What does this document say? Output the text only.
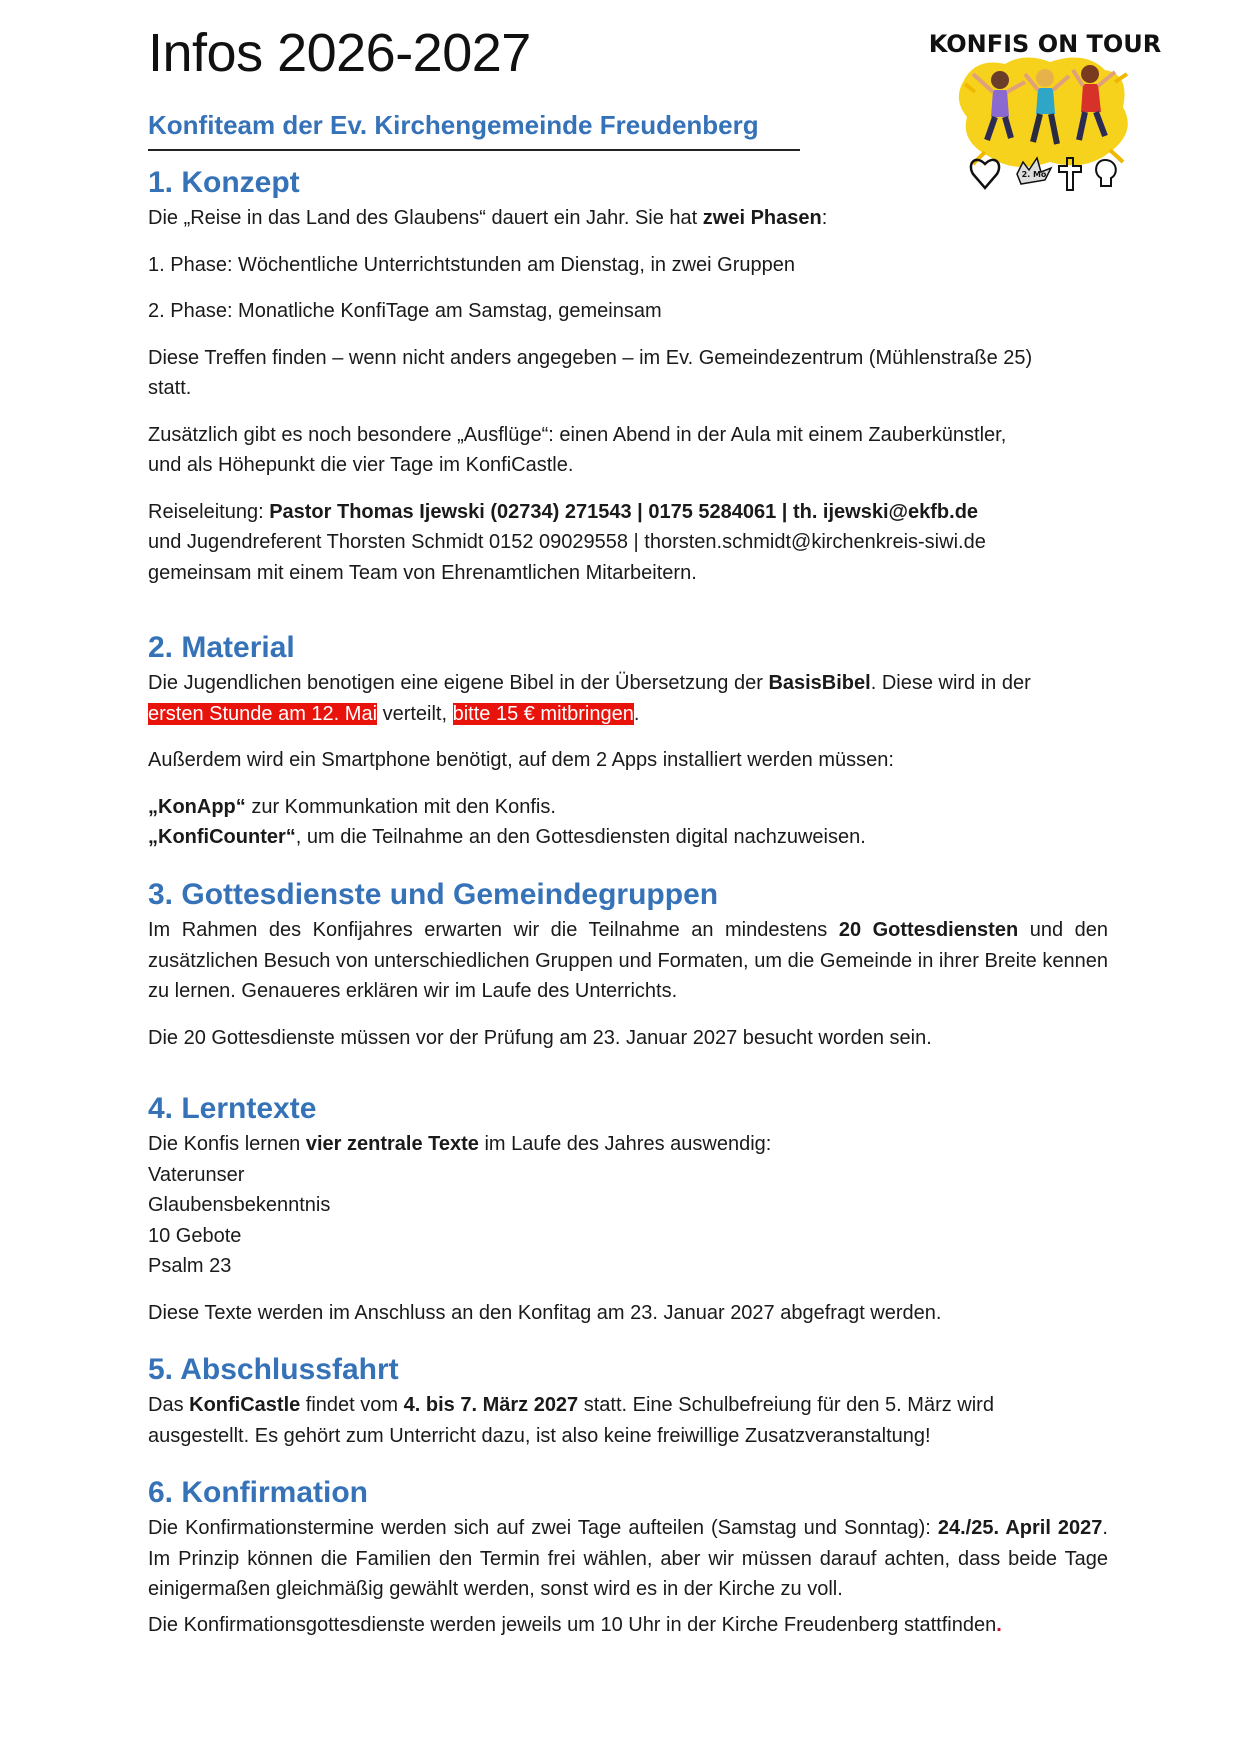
Infos 2026-2027
Konfiteam der Ev. Kirchengemeinde Freudenberg
KONFIS ON TOUR
2. Mo
1. Konzept

Die „Reise in das Land des Glaubens“ dauert ein Jahr. Sie hat zwei Phasen:

1. Phase: Wöchentliche Unterrichtstunden am Dienstag, in zwei Gruppen

2. Phase: Monatliche KonfiTage am Samstag, gemeinsam

Diese Treffen finden – wenn nicht anders angegeben – im Ev. Gemeindezentrum (Mühlenstraße 25)
statt.

Zusätzlich gibt es noch besondere „Ausflüge“: einen Abend in der Aula mit einem Zauberkünstler,
und als Höhepunkt die vier Tage im KonfiCastle.

Reiseleitung: Pastor Thomas Ijewski (02734) 271543 | 0175 5284061 | th. ijewski@ekfb.de
und Jugendreferent Thorsten Schmidt 0152 09029558 | thorsten.schmidt@kirchenkreis-siwi.de
gemeinsam mit einem Team von Ehrenamtlichen Mitarbeitern.

2. Material

Die Jugendlichen benotigen eine eigene Bibel in der Übersetzung der BasisBibel. Diese wird in der
ersten Stunde am 12. Mai verteilt, bitte 15 € mitbringen.

Außerdem wird ein Smartphone benötigt, auf dem 2 Apps installiert werden müssen:

„KonApp“ zur Kommunkation mit den Konfis.
„KonfiCounter“, um die Teilnahme an den Gottesdiensten digital nachzuweisen.

3. Gottesdienste und Gemeindegruppen

Im Rahmen des Konfijahres erwarten wir die Teilnahme an mindestens 20 Gottesdiensten und den zusätzlichen Besuch von unterschiedlichen Gruppen und Formaten, um die Gemeinde in ihrer Breite kennen zu lernen. Genaueres erklären wir im Laufe des Unterrichts.

Die 20 Gottesdienste müssen vor der Prüfung am 23. Januar 2027 besucht worden sein.

4. Lerntexte

Die Konfis lernen vier zentrale Texte im Laufe des Jahres auswendig:

Vaterunser

Glaubensbekenntnis

10 Gebote

Psalm 23

Diese Texte werden im Anschluss an den Konfitag am 23. Januar 2027 abgefragt werden.

5. Abschlussfahrt

Das KonfiCastle findet vom 4. bis 7. März 2027 statt. Eine Schulbefreiung für den 5. März wird
ausgestellt. Es gehört zum Unterricht dazu, ist also keine freiwillige Zusatzveranstaltung!

6. Konfirmation

Die Konfirmationstermine werden sich auf zwei Tage aufteilen (Samstag und Sonntag): 24./25. April 2027. Im Prinzip können die Familien den Termin frei wählen, aber wir müssen darauf achten, dass beide Tage einigermaßen gleichmäßig gewählt werden, sonst wird es in der Kirche zu voll.

Die Konfirmationsgottesdienste werden jeweils um 10 Uhr in der Kirche Freudenberg stattfinden.
